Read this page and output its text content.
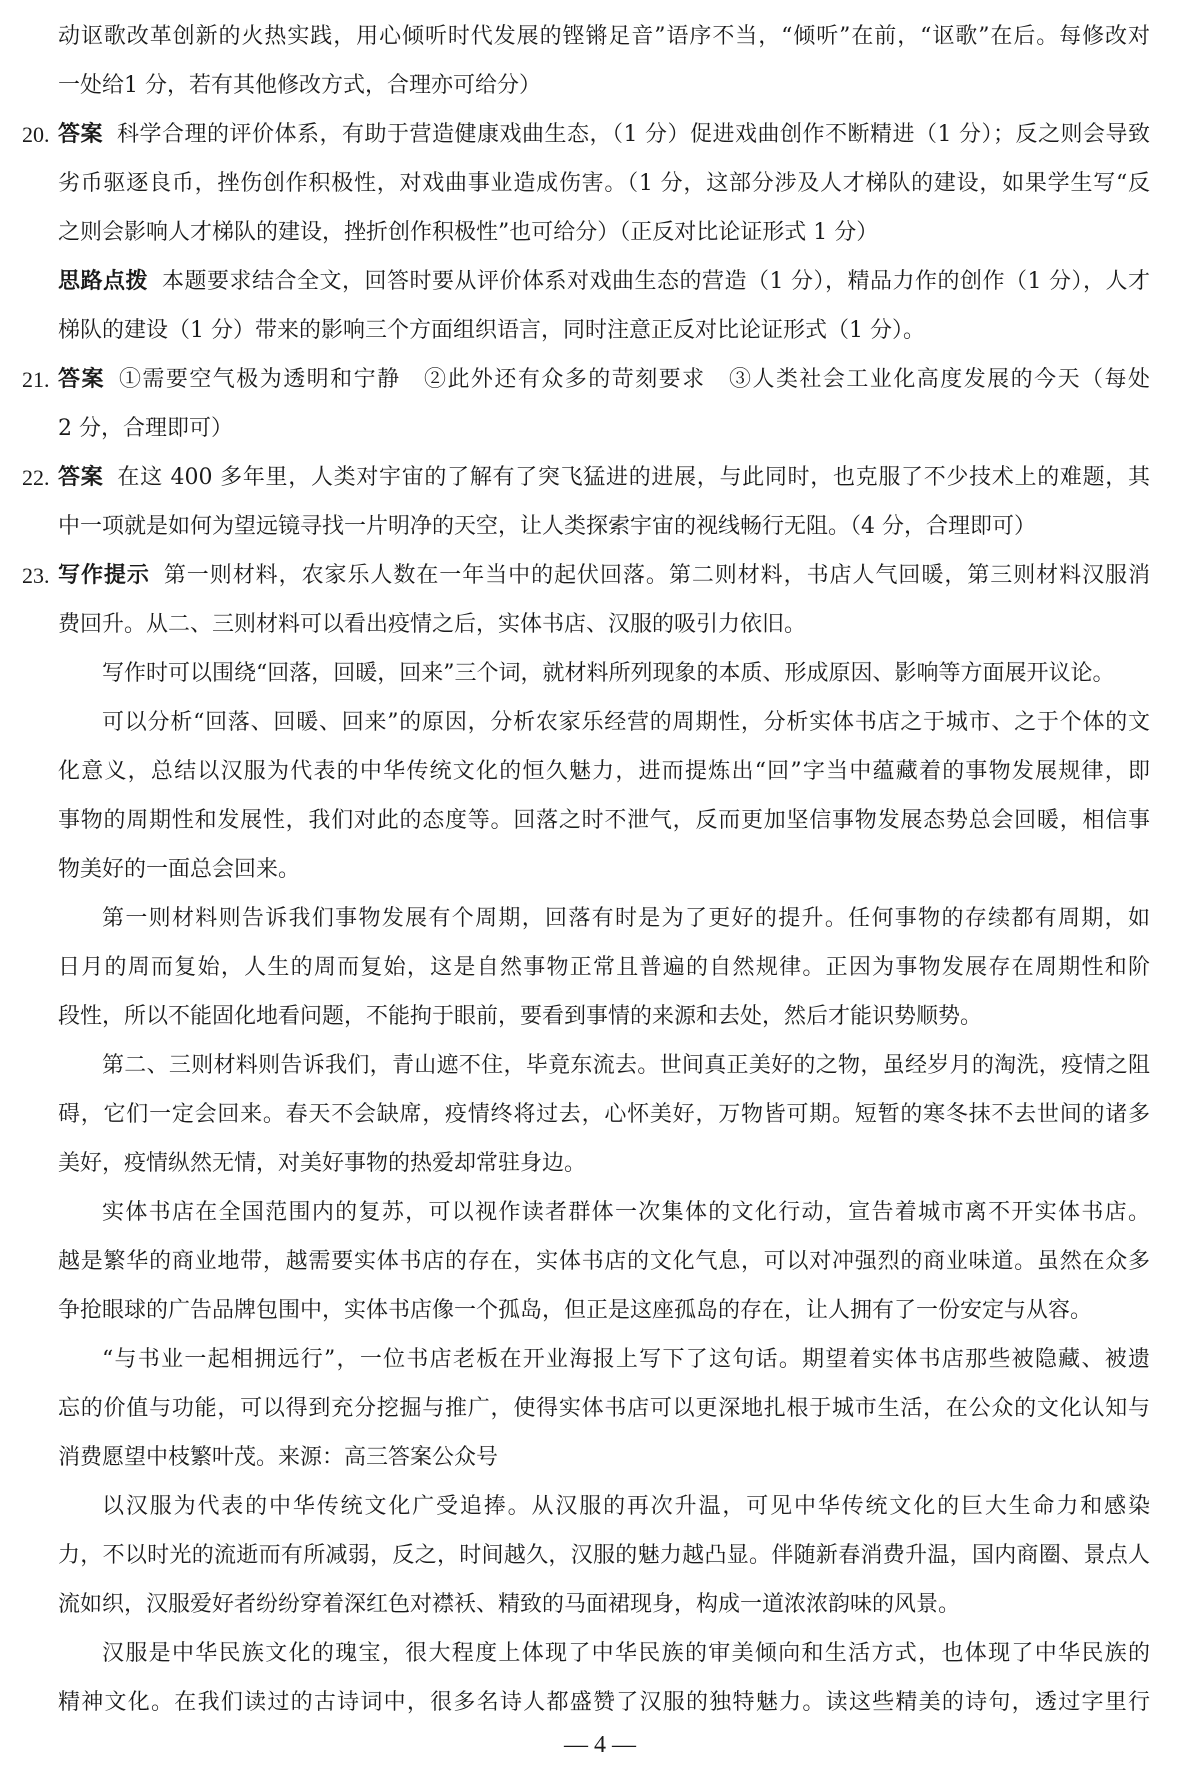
动讴歌改革创新的火热实践，用心倾听时代发展的铿锵足音”语序不当，“倾听”在前，“讴歌”在后。每修改对
一处给1 分，若有其他修改方式，合理亦可给分）
20. 答案 科学合理的评价体系，有助于营造健康戏曲生态，（1 分）促进戏曲创作不断精进（1 分）；反之则会导致
劣币驱逐良币，挫伤创作积极性，对戏曲事业造成伤害。（1 分，这部分涉及人才梯队的建设，如果学生写“反
之则会影响人才梯队的建设，挫折创作积极性”也可给分）（正反对比论证形式 1 分）
思路点拨 本题要求结合全文，回答时要从评价体系对戏曲生态的营造（1 分），精品力作的创作（1 分），人才
梯队的建设（1 分）带来的影响三个方面组织语言，同时注意正反对比论证形式（1 分）。
21. 答案 ①需要空气极为透明和宁静　②此外还有众多的苛刻要求　③人类社会工业化高度发展的今天（每处
2 分，合理即可）
22. 答案 在这 400 多年里，人类对宇宙的了解有了突飞猛进的进展，与此同时，也克服了不少技术上的难题，其
中一项就是如何为望远镜寻找一片明净的天空，让人类探索宇宙的视线畅行无阻。（4 分，合理即可）
23. 写作提示 第一则材料，农家乐人数在一年当中的起伏回落。第二则材料，书店人气回暖，第三则材料汉服消
费回升。从二、三则材料可以看出疫情之后，实体书店、汉服的吸引力依旧。
写作时可以围绕“回落，回暖，回来”三个词，就材料所列现象的本质、形成原因、影响等方面展开议论。
可以分析“回落、回暖、回来”的原因，分析农家乐经营的周期性，分析实体书店之于城市、之于个体的文
化意义，总结以汉服为代表的中华传统文化的恒久魅力，进而提炼出“回”字当中蕴藏着的事物发展规律，即
事物的周期性和发展性，我们对此的态度等。回落之时不泄气，反而更加坚信事物发展态势总会回暖，相信事
物美好的一面总会回来。
第一则材料则告诉我们事物发展有个周期，回落有时是为了更好的提升。任何事物的存续都有周期，如
日月的周而复始，人生的周而复始，这是自然事物正常且普遍的自然规律。正因为事物发展存在周期性和阶
段性，所以不能固化地看问题，不能拘于眼前，要看到事情的来源和去处，然后才能识势顺势。
第二、三则材料则告诉我们，青山遮不住，毕竟东流去。世间真正美好的之物，虽经岁月的淘洗，疫情之阻
碍，它们一定会回来。春天不会缺席，疫情终将过去，心怀美好，万物皆可期。短暂的寒冬抹不去世间的诸多
美好，疫情纵然无情，对美好事物的热爱却常驻身边。
实体书店在全国范围内的复苏，可以视作读者群体一次集体的文化行动，宣告着城市离不开实体书店。
越是繁华的商业地带，越需要实体书店的存在，实体书店的文化气息，可以对冲强烈的商业味道。虽然在众多
争抢眼球的广告品牌包围中，实体书店像一个孤岛，但正是这座孤岛的存在，让人拥有了一份安定与从容。
“与书业一起相拥远行”，一位书店老板在开业海报上写下了这句话。期望着实体书店那些被隐藏、被遗
忘的价值与功能，可以得到充分挖掘与推广，使得实体书店可以更深地扎根于城市生活，在公众的文化认知与
消费愿望中枝繁叶茂。来源：高三答案公众号
以汉服为代表的中华传统文化广受追捧。从汉服的再次升温，可见中华传统文化的巨大生命力和感染
力，不以时光的流逝而有所减弱，反之，时间越久，汉服的魅力越凸显。伴随新春消费升温，国内商圈、景点人
流如织，汉服爱好者纷纷穿着深红色对襟袄、精致的马面裙现身，构成一道浓浓韵味的风景。
汉服是中华民族文化的瑰宝，很大程度上体现了中华民族的审美倾向和生活方式，也体现了中华民族的
精神文化。在我们读过的古诗词中，很多名诗人都盛赞了汉服的独特魅力。读这些精美的诗句，透过字里行
— 4 —
